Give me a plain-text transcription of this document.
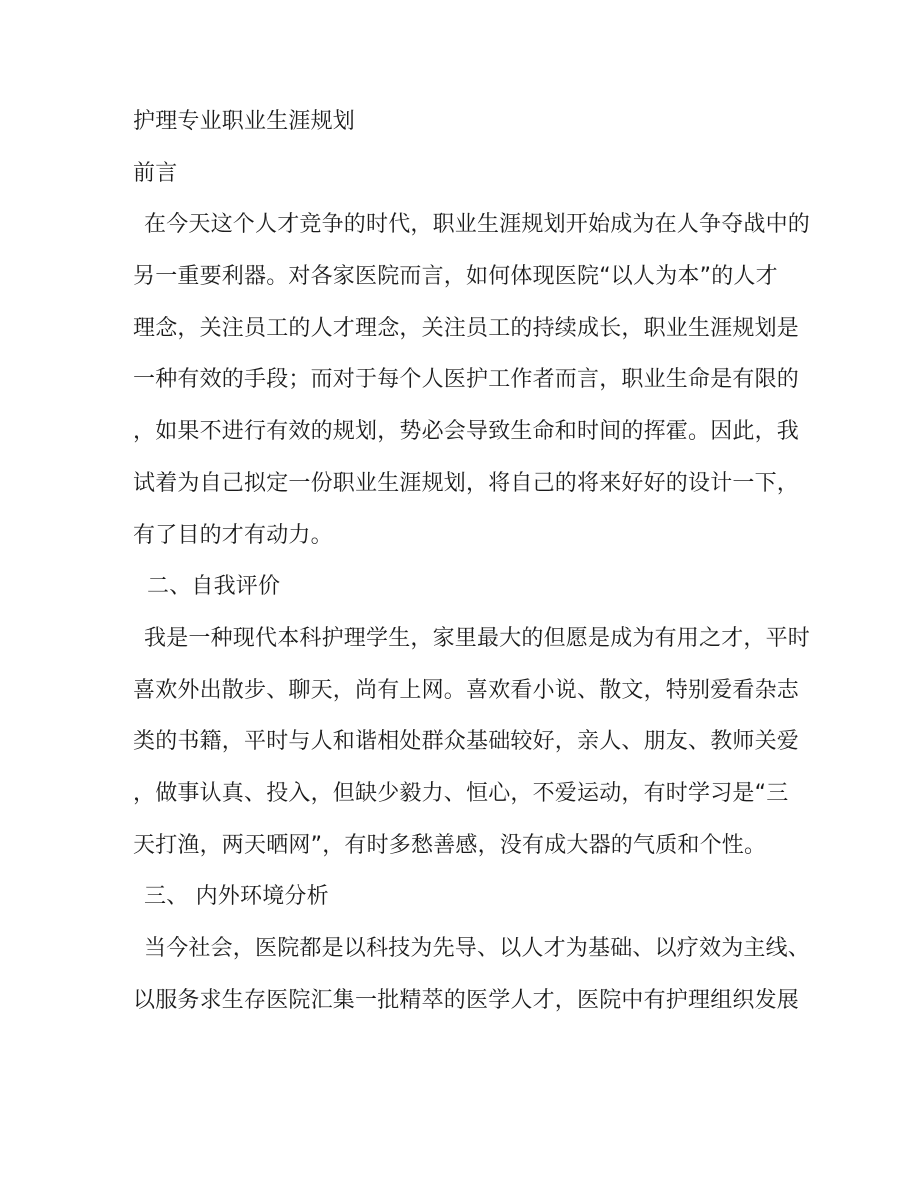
护理专业职业生涯规划
前言
在今天这个人才竞争的时代，职业生涯规划开始成为在人争夺战中的
另一重要利器。对各家医院而言，如何体现医院“以人为本”的人才
理念，关注员工的人才理念，关注员工的持续成长，职业生涯规划是
一种有效的手段；而对于每个人医护工作者而言，职业生命是有限的
，如果不进行有效的规划，势必会导致生命和时间的挥霍。因此，我
试着为自己拟定一份职业生涯规划，将自己的将来好好的设计一下，
有了目的才有动力。
二、自我评价
我是一种现代本科护理学生，家里最大的但愿是成为有用之才，平时
喜欢外出散步、聊天，尚有上网。喜欢看小说、散文，特别爱看杂志
类的书籍，平时与人和谐相处群众基础较好，亲人、朋友、教师关爱
，做事认真、投入，但缺少毅力、恒心，不爱运动，有时学习是“三
天打渔，两天晒网”，有时多愁善感，没有成大器的气质和个性。
三、 内外环境分析
当今社会，医院都是以科技为先导、以人才为基础、以疗效为主线、
以服务求生存医院汇集一批精萃的医学人才，医院中有护理组织发展
